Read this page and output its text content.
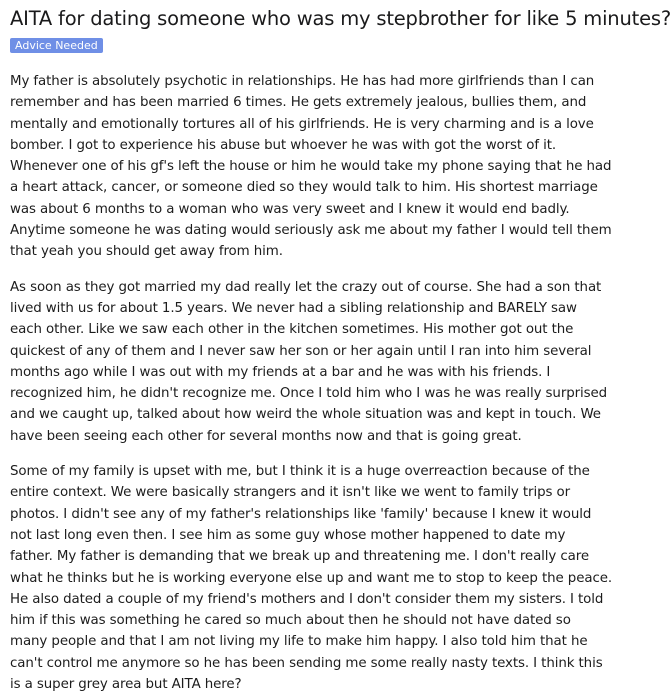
AITA for dating someone who was my stepbrother for like 5 minutes?
Advice Needed

My father is absolutely psychotic in relationships. He has had more girlfriends than I can remember and has been married 6 times. He gets extremely jealous, bullies them, and mentally and emotionally tortures all of his girlfriends. He is very charming and is a love bomber. I got to experience his abuse but whoever he was with got the worst of it. Whenever one of his gf's left the house or him he would take my phone saying that he had a heart attack, cancer, or someone died so they would talk to him. His shortest marriage was about 6 months to a woman who was very sweet and I knew it would end badly. Anytime someone he was dating would seriously ask me about my father I would tell them that yeah you should get away from him.

As soon as they got married my dad really let the crazy out of course. She had a son that lived with us for about 1.5 years. We never had a sibling relationship and BARELY saw each other. Like we saw each other in the kitchen sometimes. His mother got out the quickest of any of them and I never saw her son or her again until I ran into him several months ago while I was out with my friends at a bar and he was with his friends. I recognized him, he didn't recognize me. Once I told him who I was he was really surprised and we caught up, talked about how weird the whole situation was and kept in touch. We have been seeing each other for several months now and that is going great.

Some of my family is upset with me, but I think it is a huge overreaction because of the entire context. We were basically strangers and it isn't like we went to family trips or photos. I didn't see any of my father's relationships like 'family' because I knew it would not last long even then. I see him as some guy whose mother happened to date my father. My father is demanding that we break up and threatening me. I don't really care what he thinks but he is working everyone else up and want me to stop to keep the peace. He also dated a couple of my friend's mothers and I don't consider them my sisters. I told him if this was something he cared so much about then he should not have dated so many people and that I am not living my life to make him happy. I also told him that he can't control me anymore so he has been sending me some really nasty texts. I think this is a super grey area but AITA here?
